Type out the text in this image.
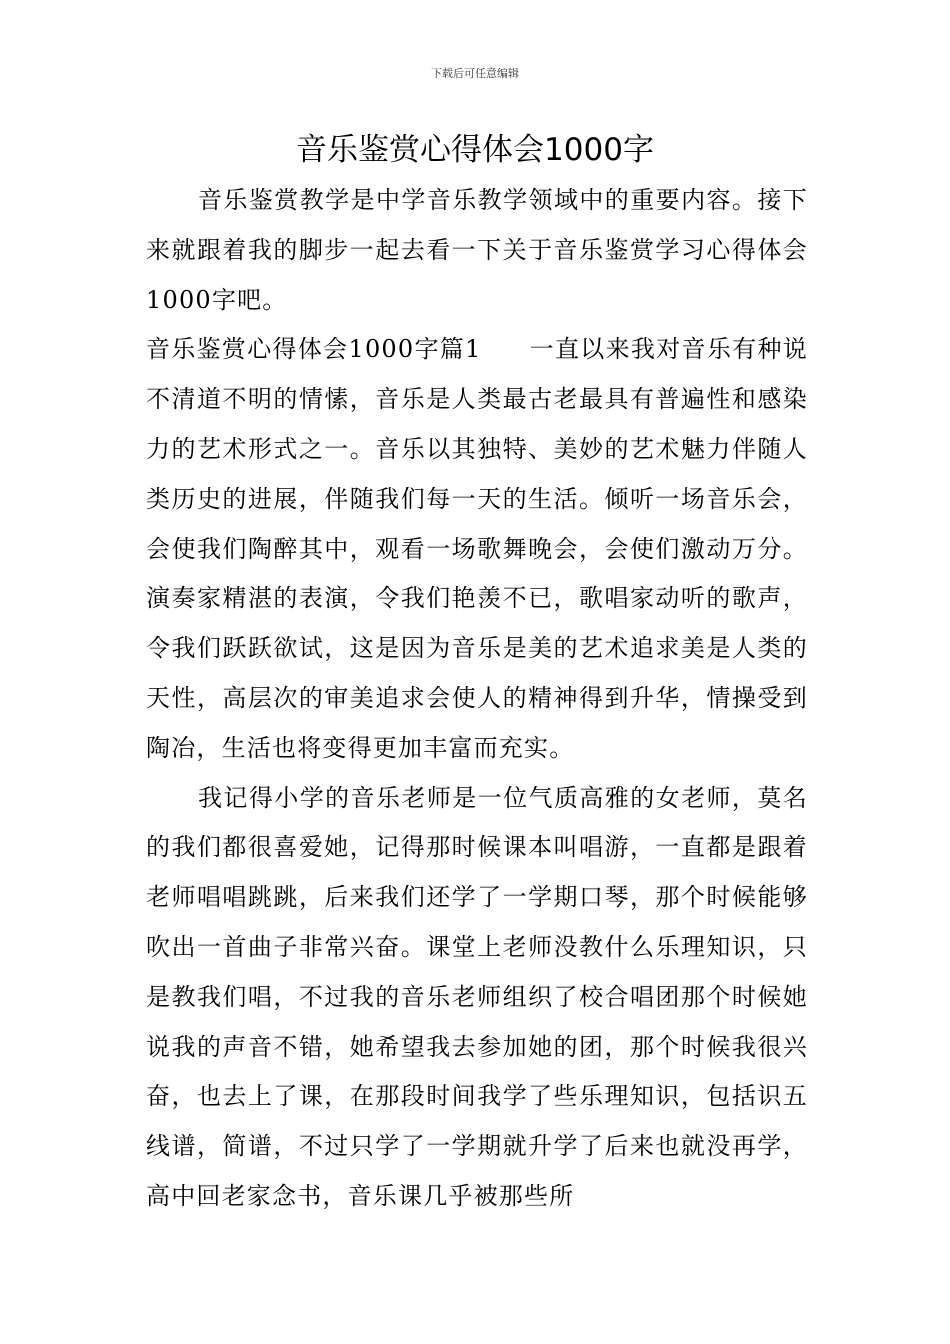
下载后可任意编辑
音乐鉴赏心得体会1000字

音乐鉴赏教学是中学音乐教学领域中的重要内容。接下来就跟着我的脚步一起去看一下关于音乐鉴赏学习心得体会1000字吧。

音乐鉴赏心得体会1000字篇1 一直以来我对音乐有种说不清道不明的情愫，音乐是人类最古老最具有普遍性和感染力的艺术形式之一。音乐以其独特、美妙的艺术魅力伴随人类历史的进展，伴随我们每一天的生活。倾听一场音乐会，会使我们陶醉其中，观看一场歌舞晚会，会使们激动万分。演奏家精湛的表演，令我们艳羡不已，歌唱家动听的歌声，令我们跃跃欲试，这是因为音乐是美的艺术追求美是人类的天性，高层次的审美追求会使人的精神得到升华，情操受到陶冶，生活也将变得更加丰富而充实。

我记得小学的音乐老师是一位气质高雅的女老师，莫名的我们都很喜爱她，记得那时候课本叫唱游，一直都是跟着老师唱唱跳跳，后来我们还学了一学期口琴，那个时候能够吹出一首曲子非常兴奋。课堂上老师没教什么乐理知识，只是教我们唱，不过我的音乐老师组织了校合唱团那个时候她说我的声音不错，她希望我去参加她的团，那个时候我很兴奋，也去上了课，在那段时间我学了些乐理知识，包括识五线谱，简谱，不过只学了一学期就升学了后来也就没再学，高中回老家念书，音乐课几乎被那些所
